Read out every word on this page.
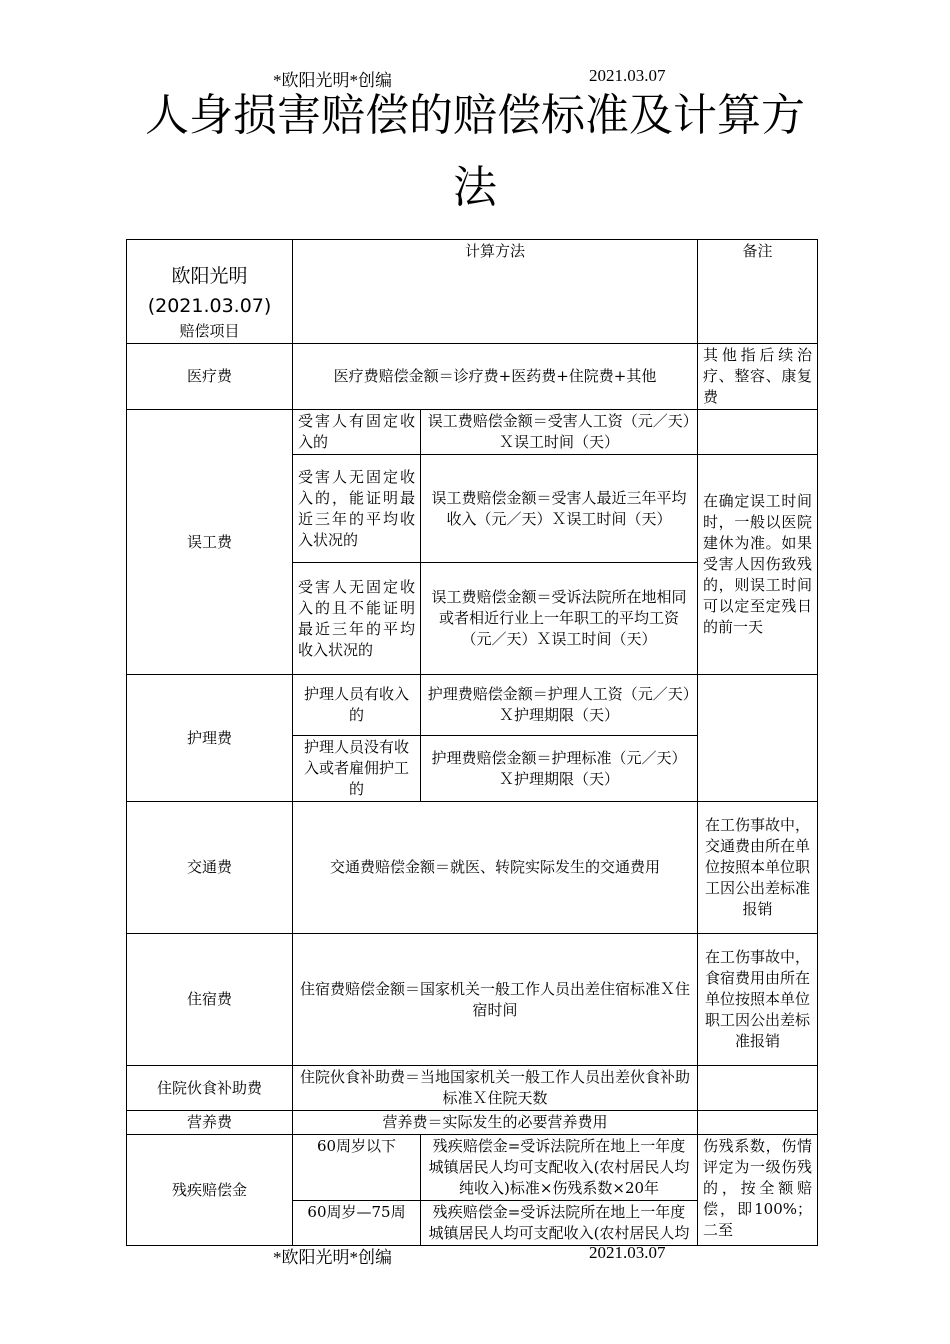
*欧阳光明*创编	2021.03.07
人身损害赔偿的赔偿标准及计算方
法
欧阳光明
(2021.03.07)
赔偿项目	计算方法		备注
医疗费	医疗费赔偿金额＝诊疗费+医药费+住院费+其他		其他指后续治疗、整容、康复费
误工费	受害人有固定收入的	误工费赔偿金额＝受害人工资（元／天）Ｘ误工时间（天）	
	受害人无固定收入的，能证明最近三年的平均收入状况的	误工费赔偿金额＝受害人最近三年平均收入（元／天）Ｘ误工时间（天）	在确定误工时间时，一般以医院建休为准。如果受害人因伤致残的，则误工时间可以定至定残日的前一天
	受害人无固定收入的且不能证明最近三年的平均收入状况的	误工费赔偿金额＝受诉法院所在地相同或者相近行业上一年职工的平均工资（元／天）Ｘ误工时间（天）	
护理费	护理人员有收入的	护理费赔偿金额＝护理人工资（元／天）Ｘ护理期限（天）	
	护理人员没有收入或者雇佣护工的	护理费赔偿金额＝护理标准（元／天）Ｘ护理期限（天）	
交通费	交通费赔偿金额＝就医、转院实际发生的交通费用		在工伤事故中，交通费由所在单位按照本单位职工因公出差标准报销
住宿费	住宿费赔偿金额＝国家机关一般工作人员出差住宿标准Ｘ住宿时间		在工伤事故中，食宿费用由所在单位按照本单位职工因公出差标准报销
住院伙食补助费	住院伙食补助费＝当地国家机关一般工作人员出差伙食补助标准Ｘ住院天数		
营养费	营养费＝实际发生的必要营养费用		
残疾赔偿金	60周岁以下	残疾赔偿金=受诉法院所在地上一年度城镇居民人均可支配收入(农村居民人均纯收入)标准×伤残系数×20年	伤残系数，伤情评定为一级伤残的，按全额赔偿，即100%；二至
	60周岁—75周	残疾赔偿金=受诉法院所在地上一年度城镇居民人均可支配收入(农村居民人均	
*欧阳光明*创编	2021.03.07
